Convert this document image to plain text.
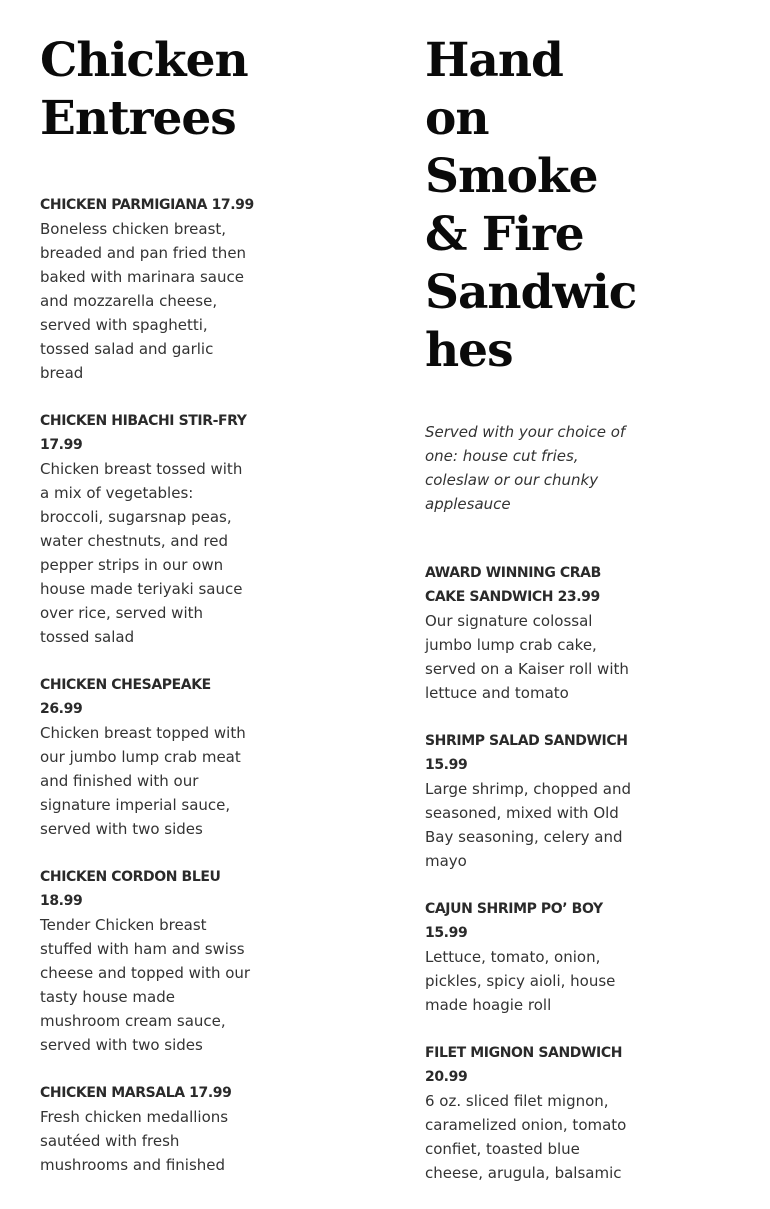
Chicken Entrees

CHICKEN PARMIGIANA 17.99

Boneless chicken breast, breaded and pan fried then baked with marinara sauce and mozzarella cheese, served with spaghetti, tossed salad and garlic bread

CHICKEN HIBACHI STIR-FRY 17.99

Chicken breast tossed with a mix of vegetables: broccoli, sugarsnap peas, water chestnuts, and red pepper strips in our own house made teriyaki sauce over rice, served with tossed salad

CHICKEN CHESAPEAKE 26.99

Chicken breast topped with our jumbo lump crab meat and finished with our signature imperial sauce, served with two sides

CHICKEN CORDON BLEU 18.99

Tender Chicken breast stuffed with ham and swiss cheese and topped with our tasty house made mushroom cream sauce, served with two sides

CHICKEN MARSALA 17.99

Fresh chicken medallions sautéed with fresh mushrooms and finished

Hand on Smoke & Fire Sandwiches

Served with your choice of one: house cut fries, coleslaw or our chunky applesauce

AWARD WINNING CRAB CAKE SANDWICH 23.99

Our signature colossal jumbo lump crab cake, served on a Kaiser roll with lettuce and tomato

SHRIMP SALAD SANDWICH 15.99

Large shrimp, chopped and seasoned, mixed with Old Bay seasoning, celery and mayo

CAJUN SHRIMP PO’ BOY 15.99

Lettuce, tomato, onion, pickles, spicy aioli, house made hoagie roll

FILET MIGNON SANDWICH 20.99

6 oz. sliced filet mignon, caramelized onion, tomato confiet, toasted blue cheese, arugula, balsamic
